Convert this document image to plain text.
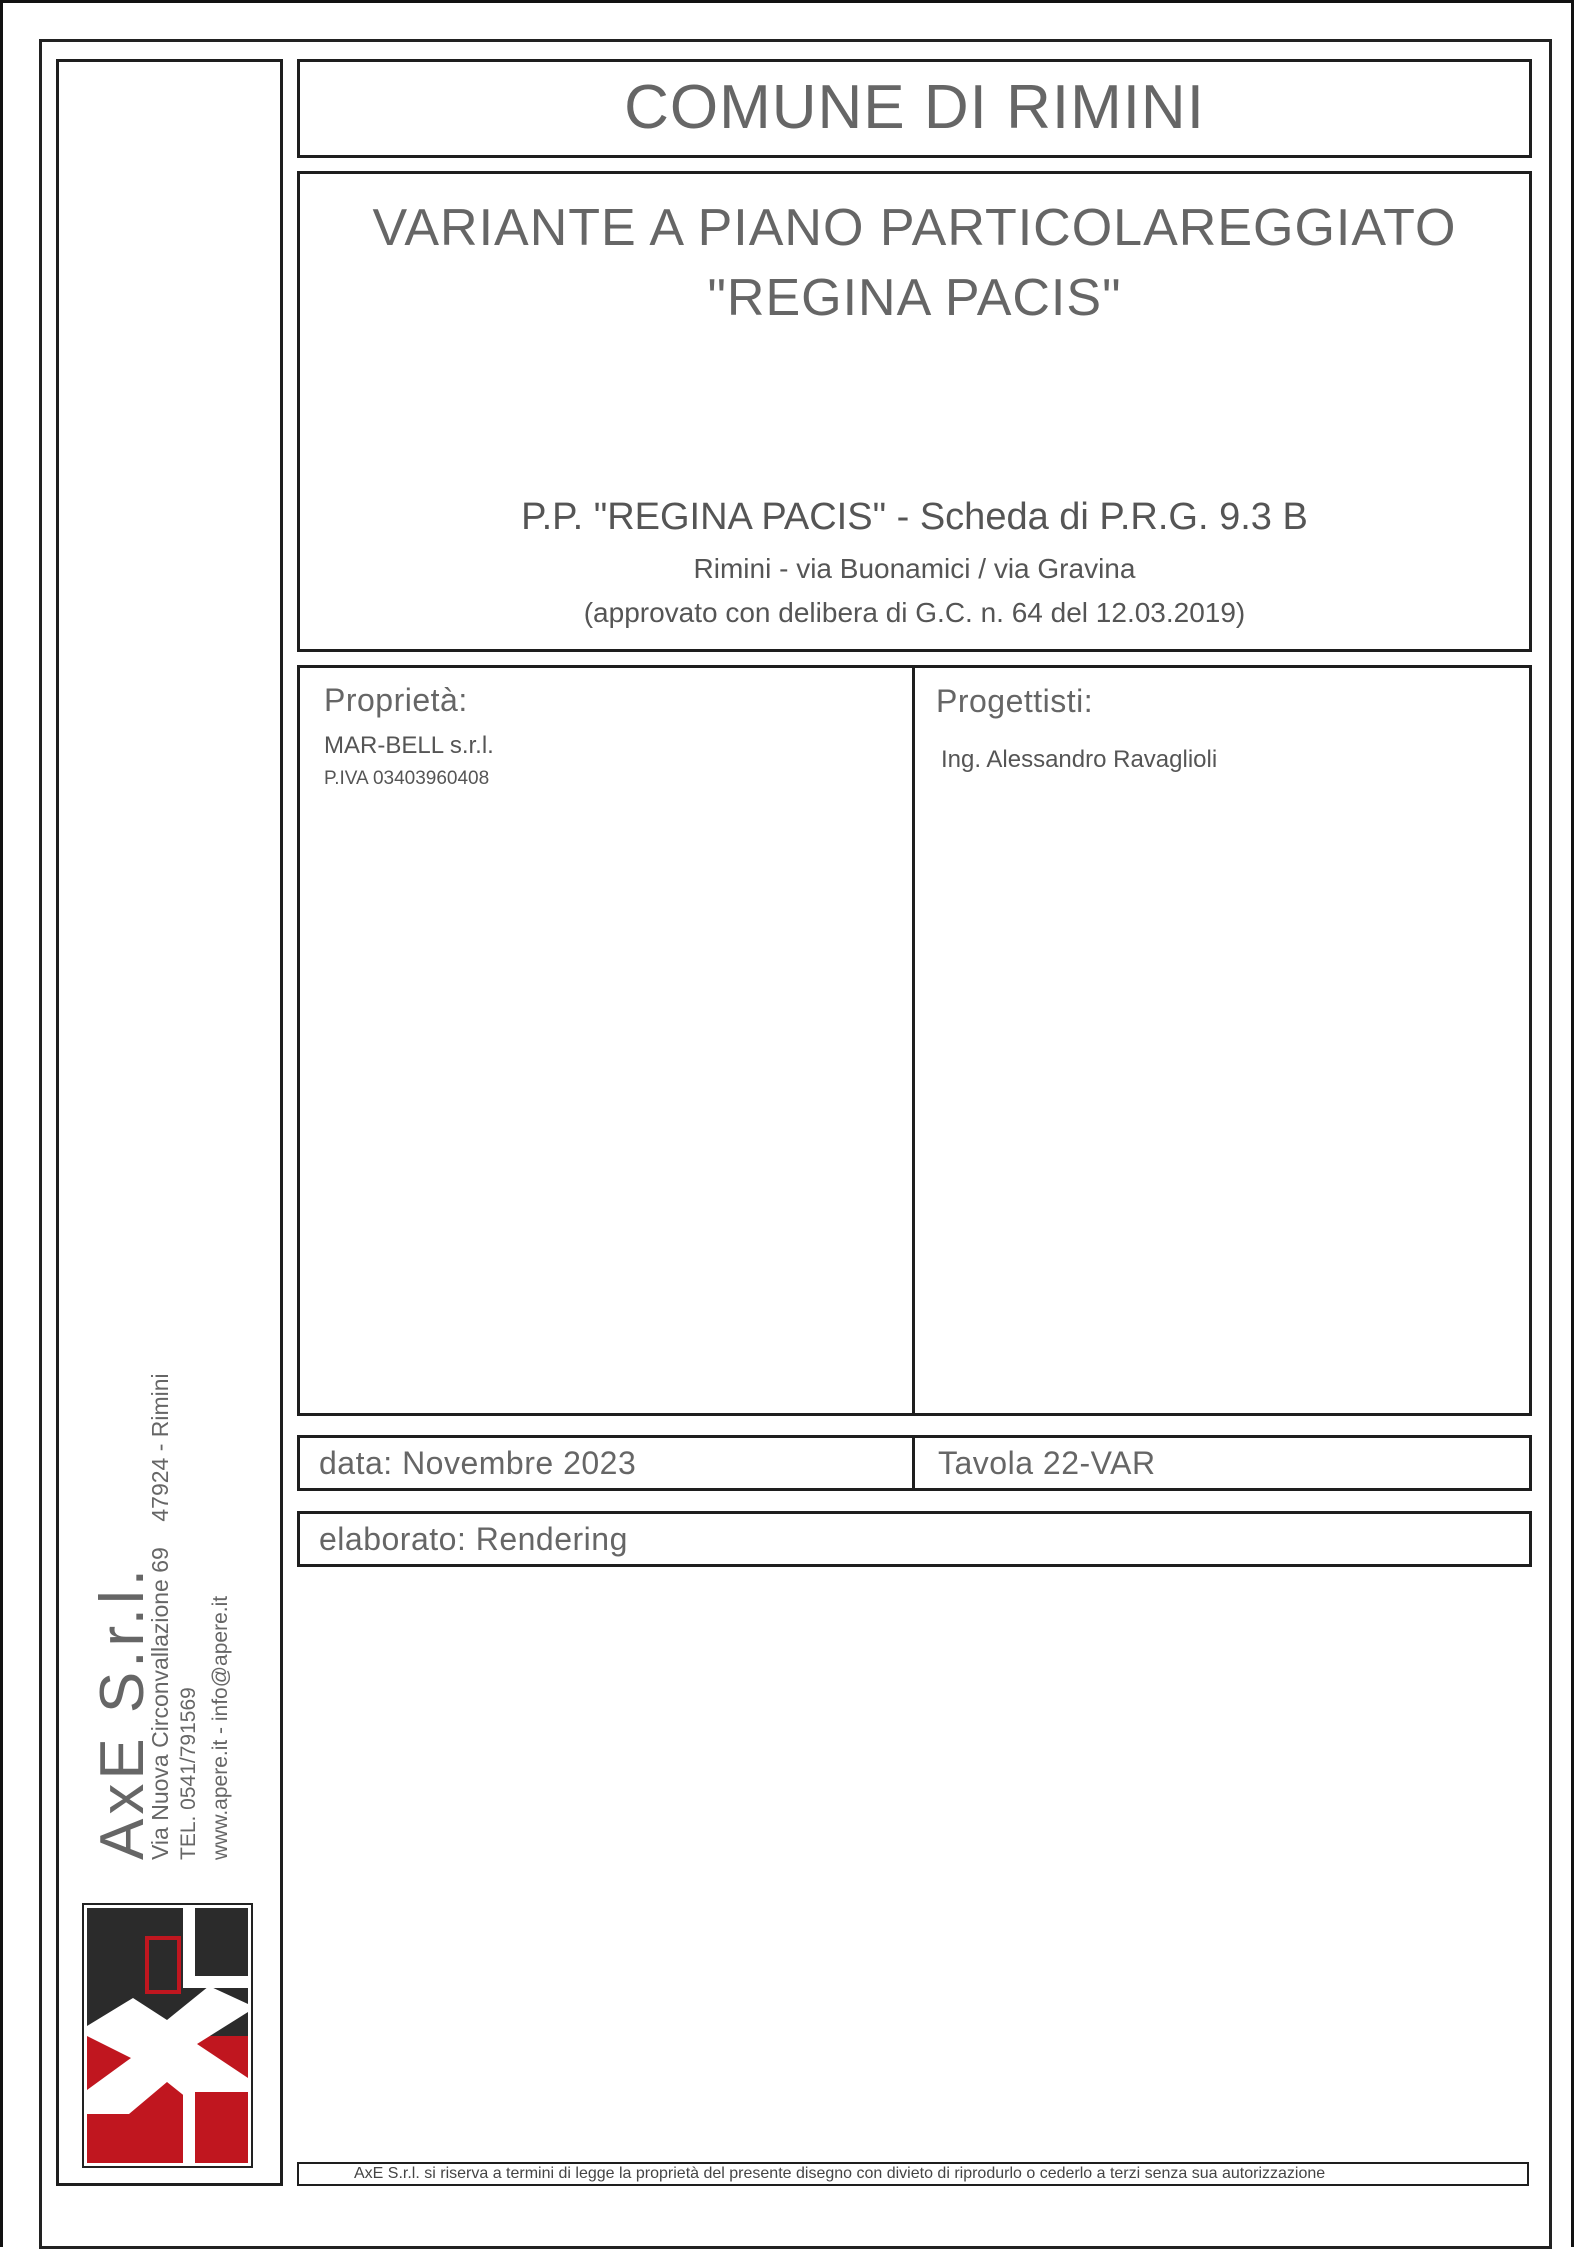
AxE S.r.l.
Via Nuova Circonvallazione 69    47924 - Rimini TEL. 0541/791569 www.apere.it - info@apere.it
COMUNE DI RIMINI
VARIANTE A PIANO PARTICOLAREGGIATO
"REGINA PACIS"
P.P. "REGINA PACIS" - Scheda di P.R.G. 9.3 B
Rimini - via Buonamici / via Gravina
(approvato con delibera di G.C. n. 64 del 12.03.2019)
Proprietà:
MAR-BELL s.r.l.
P.IVA 03403960408
Progettisti:
Ing. Alessandro Ravaglioli
data: Novembre 2023	Tavola 22-VAR
elaborato: Rendering
AxE S.r.l. si riserva a termini di legge la proprietà del presente disegno con divieto di riprodurlo o cederlo a terzi senza sua autorizzazione
